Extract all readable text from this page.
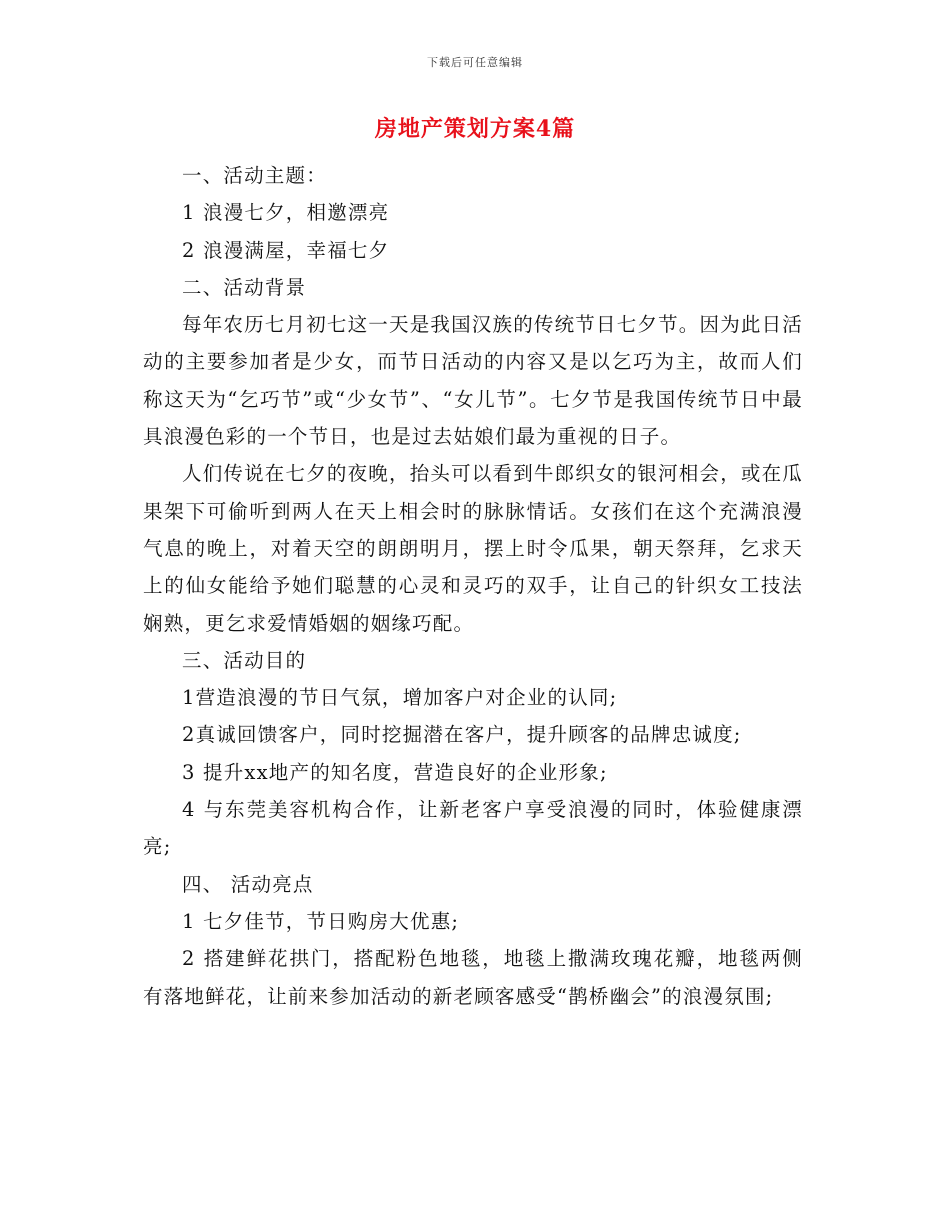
下载后可任意编辑
房地产策划方案4篇

一、活动主题：

1 浪漫七夕，相邀漂亮

2 浪漫满屋，幸福七夕

二、活动背景

每年农历七月初七这一天是我国汉族的传统节日七夕节。因为此日活动的主要参加者是少女，而节日活动的内容又是以乞巧为主，故而人们称这天为“乞巧节”或“少女节”、“女儿节”。七夕节是我国传统节日中最具浪漫色彩的一个节日，也是过去姑娘们最为重视的日子。

人们传说在七夕的夜晚，抬头可以看到牛郎织女的银河相会，或在瓜果架下可偷听到两人在天上相会时的脉脉情话。女孩们在这个充满浪漫气息的晚上，对着天空的朗朗明月，摆上时令瓜果，朝天祭拜，乞求天上的仙女能给予她们聪慧的心灵和灵巧的双手，让自己的针织女工技法娴熟，更乞求爱情婚姻的姻缘巧配。

三、活动目的

1营造浪漫的节日气氛，增加客户对企业的认同;

2真诚回馈客户，同时挖掘潜在客户，提升顾客的品牌忠诚度;

3 提升xx地产的知名度，营造良好的企业形象;

4 与东莞美容机构合作，让新老客户享受浪漫的同时，体验健康漂亮;

四、 活动亮点

1 七夕佳节，节日购房大优惠;

2 搭建鲜花拱门，搭配粉色地毯，地毯上撒满玫瑰花瓣，地毯两侧有落地鲜花，让前来参加活动的新老顾客感受“鹊桥幽会”的浪漫氛围;
